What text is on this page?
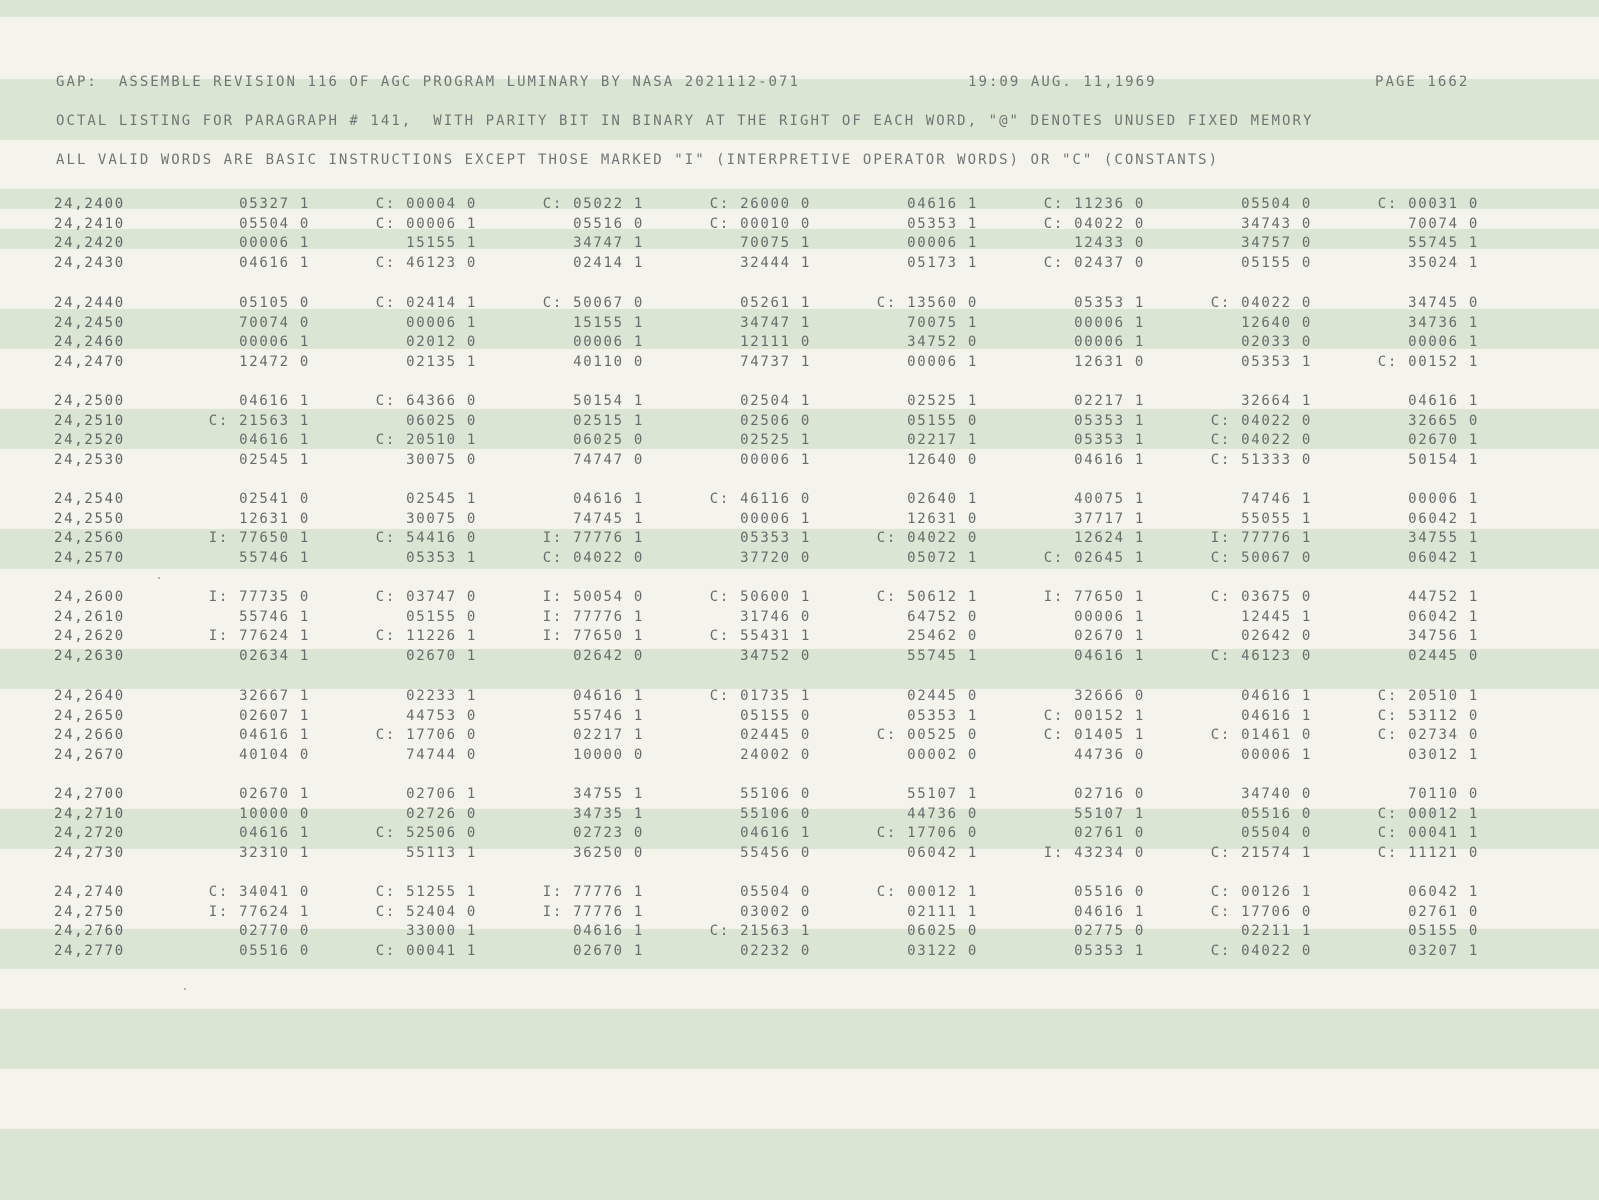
GAP:  ASSEMBLE REVISION 116 OF AGC PROGRAM LUMINARY BY NASA 2021112-071	19:09 AUG. 11,1969	PAGE 1662
OCTAL LISTING FOR PARAGRAPH # 141,  WITH PARITY BIT IN BINARY AT THE RIGHT OF EACH WORD, "@" DENOTES UNUSED FIXED MEMORY
ALL VALID WORDS ARE BASIC INSTRUCTIONS EXCEPT THOSE MARKED "I" (INTERPRETIVE OPERATOR WORDS) OR "C" (CONSTANTS)
24,2400	05327 1	C: 00004 0	C: 05022 1	C: 26000 0	04616 1	C: 11236 0	05504 0	C: 00031 0
24,2410	05504 0	C: 00006 1	05516 0	C: 00010 0	05353 1	C: 04022 0	34743 0	70074 0
24,2420	00006 1	15155 1	34747 1	70075 1	00006 1	12433 0	34757 0	55745 1
24,2430	04616 1	C: 46123 0	02414 1	32444 1	05173 1	C: 02437 0	05155 0	35024 1
24,2440	05105 0	C: 02414 1	C: 50067 0	05261 1	C: 13560 0	05353 1	C: 04022 0	34745 0
24,2450	70074 0	00006 1	15155 1	34747 1	70075 1	00006 1	12640 0	34736 1
24,2460	00006 1	02012 0	00006 1	12111 0	34752 0	00006 1	02033 0	00006 1
24,2470	12472 0	02135 1	40110 0	74737 1	00006 1	12631 0	05353 1	C: 00152 1
24,2500	04616 1	C: 64366 0	50154 1	02504 1	02525 1	02217 1	32664 1	04616 1
24,2510	C: 21563 1	06025 0	02515 1	02506 0	05155 0	05353 1	C: 04022 0	32665 0
24,2520	04616 1	C: 20510 1	06025 0	02525 1	02217 1	05353 1	C: 04022 0	02670 1
24,2530	02545 1	30075 0	74747 0	00006 1	12640 0	04616 1	C: 51333 0	50154 1
24,2540	02541 0	02545 1	04616 1	C: 46116 0	02640 1	40075 1	74746 1	00006 1
24,2550	12631 0	30075 0	74745 1	00006 1	12631 0	37717 1	55055 1	06042 1
24,2560	I: 77650 1	C: 54416 0	I: 77776 1	05353 1	C: 04022 0	12624 1	I: 77776 1	34755 1
24,2570	55746 1	05353 1	C: 04022 0	37720 0	05072 1	C: 02645 1	C: 50067 0	06042 1
24,2600	I: 77735 0	C: 03747 0	I: 50054 0	C: 50600 1	C: 50612 1	I: 77650 1	C: 03675 0	44752 1
24,2610	55746 1	05155 0	I: 77776 1	31746 0	64752 0	00006 1	12445 1	06042 1
24,2620	I: 77624 1	C: 11226 1	I: 77650 1	C: 55431 1	25462 0	02670 1	02642 0	34756 1
24,2630	02634 1	02670 1	02642 0	34752 0	55745 1	04616 1	C: 46123 0	02445 0
24,2640	32667 1	02233 1	04616 1	C: 01735 1	02445 0	32666 0	04616 1	C: 20510 1
24,2650	02607 1	44753 0	55746 1	05155 0	05353 1	C: 00152 1	04616 1	C: 53112 0
24,2660	04616 1	C: 17706 0	02217 1	02445 0	C: 00525 0	C: 01405 1	C: 01461 0	C: 02734 0
24,2670	40104 0	74744 0	10000 0	24002 0	00002 0	44736 0	00006 1	03012 1
24,2700	02670 1	02706 1	34755 1	55106 0	55107 1	02716 0	34740 0	70110 0
24,2710	10000 0	02726 0	34735 1	55106 0	44736 0	55107 1	05516 0	C: 00012 1
24,2720	04616 1	C: 52506 0	02723 0	04616 1	C: 17706 0	02761 0	05504 0	C: 00041 1
24,2730	32310 1	55113 1	36250 0	55456 0	06042 1	I: 43234 0	C: 21574 1	C: 11121 0
24,2740	C: 34041 0	C: 51255 1	I: 77776 1	05504 0	C: 00012 1	05516 0	C: 00126 1	06042 1
24,2750	I: 77624 1	C: 52404 0	I: 77776 1	03002 0	02111 1	04616 1	C: 17706 0	02761 0
24,2760	02770 0	33000 1	04616 1	C: 21563 1	06025 0	02775 0	02211 1	05155 0
24,2770	05516 0	C: 00041 1	02670 1	02232 0	03122 0	05353 1	C: 04022 0	03207 1
